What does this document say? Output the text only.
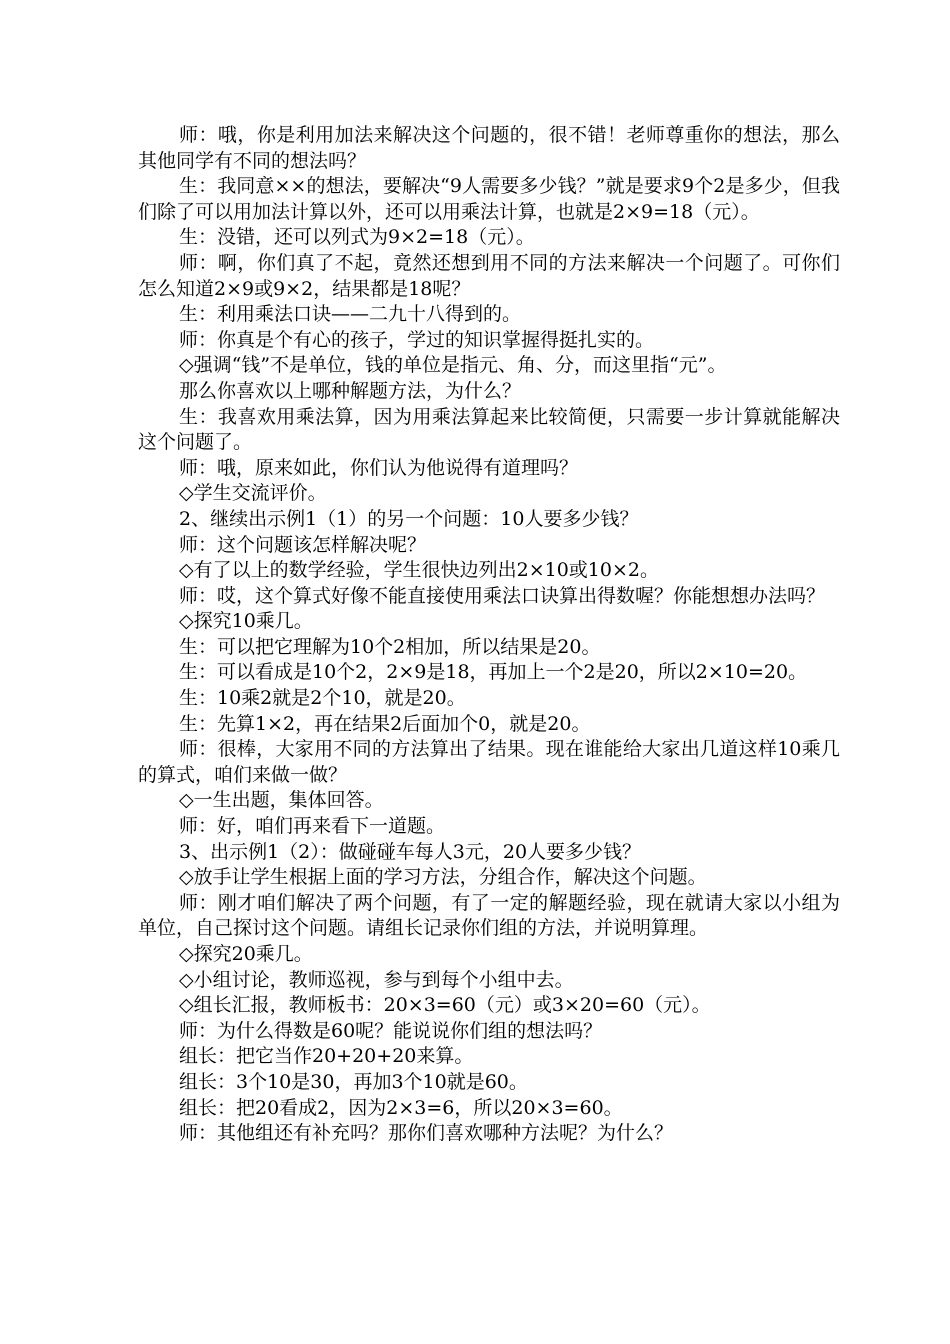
师：哦，你是利用加法来解决这个问题的，很不错！老师尊重你的想法，那么其他同学有不同的想法吗？

生：我同意××的想法，要解决“9人需要多少钱？”就是要求9个2是多少，但我们除了可以用加法计算以外，还可以用乘法计算，也就是2×9=18（元）。

生：没错，还可以列式为9×2=18（元）。

师：啊，你们真了不起，竟然还想到用不同的方法来解决一个问题了。可你们怎么知道2×9或9×2，结果都是18呢？

生：利用乘法口诀——二九十八得到的。

师：你真是个有心的孩子，学过的知识掌握得挺扎实的。

◇强调“钱”不是单位，钱的单位是指元、角、分，而这里指“元”。

那么你喜欢以上哪种解题方法，为什么？

生：我喜欢用乘法算，因为用乘法算起来比较简便，只需要一步计算就能解决这个问题了。

师：哦，原来如此，你们认为他说得有道理吗？

◇学生交流评价。

2、继续出示例1（1）的另一个问题：10人要多少钱？

师：这个问题该怎样解决呢？

◇有了以上的数学经验，学生很快边列出2×10或10×2。

师：哎，这个算式好像不能直接使用乘法口诀算出得数喔？你能想想办法吗？

◇探究10乘几。

生：可以把它理解为10个2相加，所以结果是20。

生：可以看成是10个2，2×9是18，再加上一个2是20，所以2×10=20。

生：10乘2就是2个10，就是20。

生：先算1×2，再在结果2后面加个0，就是20。

师：很棒，大家用不同的方法算出了结果。现在谁能给大家出几道这样10乘几的算式，咱们来做一做？

◇一生出题，集体回答。

师：好，咱们再来看下一道题。

3、出示例1（2）：做碰碰车每人3元，20人要多少钱？

◇放手让学生根据上面的学习方法，分组合作，解决这个问题。

师：刚才咱们解决了两个问题，有了一定的解题经验，现在就请大家以小组为单位，自己探讨这个问题。请组长记录你们组的方法，并说明算理。

◇探究20乘几。

◇小组讨论，教师巡视，参与到每个小组中去。

◇组长汇报，教师板书：20×3=60（元）或3×20=60（元）。

师：为什么得数是60呢？能说说你们组的想法吗？

组长：把它当作20+20+20来算。

组长：3个10是30，再加3个10就是60。

组长：把20看成2，因为2×3=6，所以20×3=60。

师：其他组还有补充吗？那你们喜欢哪种方法呢？为什么？
